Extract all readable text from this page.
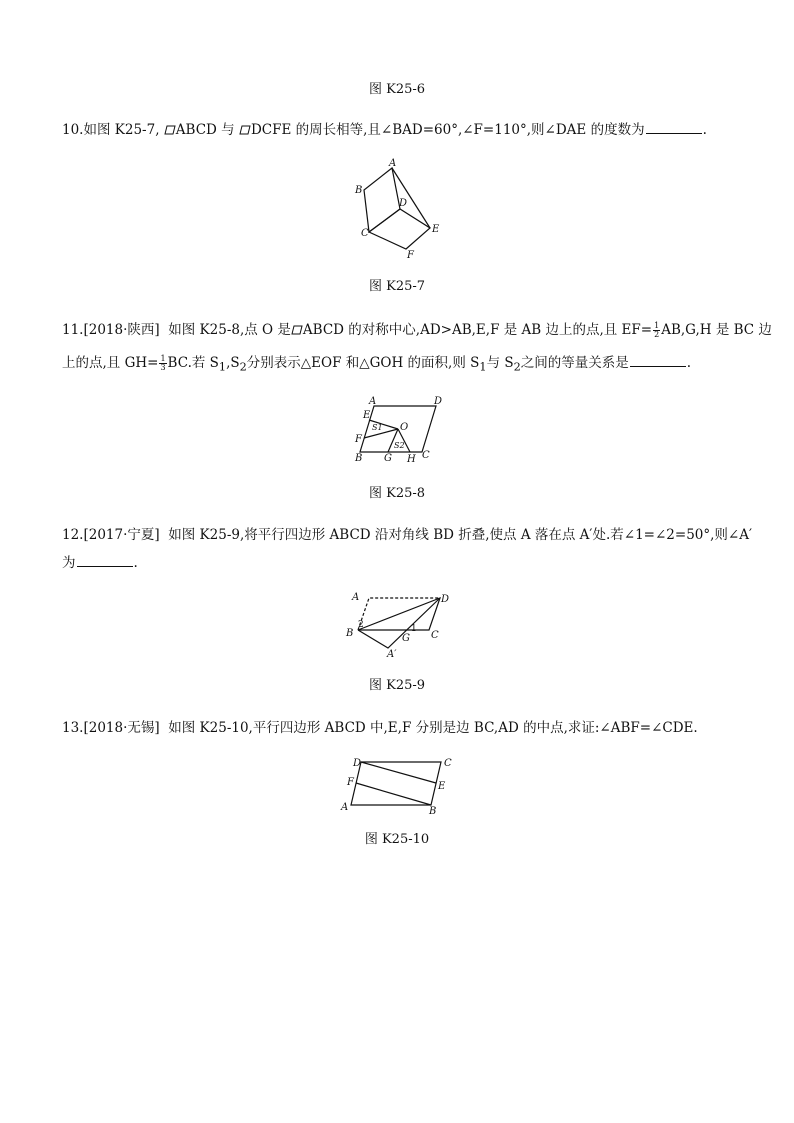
图 K25-6
10.如图 K25-7, ABCD 与 DCFE 的周长相等,且∠BAD=60°,∠F=110°,则∠DAE 的度数为	.
A
B
C
D
E
F
图 K25-7
11.[2018·陕西] 如图 K25-8,点 O 是 ABCD 的对称中心,AD>AB,E,F 是 AB 边上的点,且 $EF= \frac{1}{2} AB,G,H$ 是 BC 边
上的点,且 $GH= \frac{1}{3}$ BC.若 $S_1,S_2$分别表示△EOF 和△GOH 的面积,则 $S_1$与 $S_2$之间的等量关系是	.
A	D
E
S1 O
F
S2
B G H C
图 K25-8
12.[2017·宁夏] 如图 K25-9,将平行四边形 ABCD 沿对角线 BD 折叠,使点 A 落在点 A′处.若∠1=∠2=50°,则∠A′
为	.
A	D
B
2	1
G C
A′
图 K25-9
13.[2018·无锡] 如图 K25-10,平行四边形 ABCD 中,E,F 分别是边 BC,AD 的中点,求证:∠ABF=∠CDE.
D	C
F	E
A	B
图 K25-10
